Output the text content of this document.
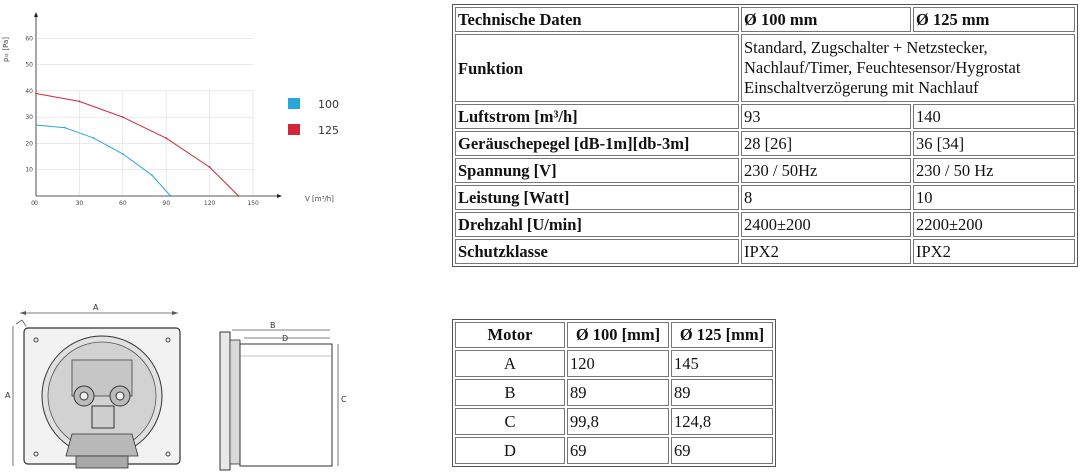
0	30	60	90	120	150
10
20
30
40
50
60
0
pₛₜ [Pa]
V [m³/h]
100
125
Technische Daten	Ø 100 mm	Ø 125 mm
Funktion	Standard, Zugschalter + Netzstecker, Nachlauf/Timer, Feuchtesensor/Hygrostat Einschaltverzögerung mit Nachlauf	
Luftstrom [m³/h]	93	140
Geräuschepegel [dB-1m][db-3m]	28 [26]	36 [34]
Spannung [V]	230 / 50Hz	230 / 50 Hz
Leistung [Watt]	8	10
Drehzahl [U/min]	2400±200	2200±200
Schutzklasse	IPX2	IPX2
Motor	Ø 100 [mm]	Ø 125 [mm]
A	120	145
B	89	89
C	99,8	124,8
D	69	69
A
A
B
D
C
